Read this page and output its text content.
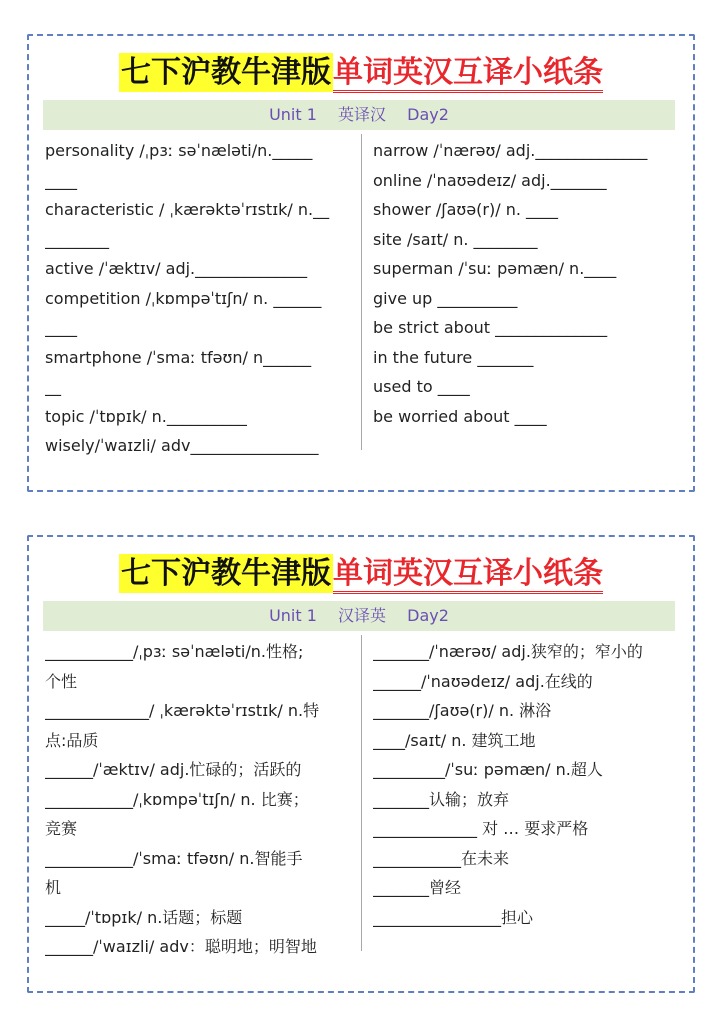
七下沪教牛津版单词英汉互译小纸条
Unit 1 英译汉 Day2
personality /ˌpɜː səˈnæləti/n._____
____
characteristic / ˌkærəktəˈrɪstɪk/ n.__
________
active /ˈæktɪv/ adj.______________
competition /ˌkɒmpəˈtɪʃn/ n. ______
____
smartphone /ˈsmaː tfəʊn/ n______
__
topic /ˈtɒpɪk/ n.__________
wisely/ˈwaɪzli/ adv________________
narrow /ˈnærəʊ/ adj.______________
online /ˈnaʊədeɪz/ adj._______
shower /ʃaʊə(r)/ n. ____
site /saɪt/ n. ________
superman /ˈsuː pəmæn/ n.____
give up __________
be strict about ______________
in the future _______
used to ____
be worried about ____
七下沪教牛津版单词英汉互译小纸条
Unit 1 汉译英 Day2
___________/ˌpɜː səˈnæləti/n.性格;
个性
_____________/ ˌkærəktəˈrɪstɪk/ n.特
点:品质
______/ˈæktɪv/ adj.忙碌的；活跃的
___________/ˌkɒmpəˈtɪʃn/ n. 比赛；
竞赛
___________/ˈsmaː tfəʊn/ n.智能手
机
_____/ˈtɒpɪk/ n.话题；标题
______/ˈwaɪzli/ adv：聪明地；明智地
_______/ˈnærəʊ/ adj.狭窄的；窄小的
______/ˈnaʊədeɪz/ adj.在线的
_______/ʃaʊə(r)/ n. 淋浴
____/saɪt/ n. 建筑工地
_________/ˈsuː pəmæn/ n.超人
_______认输；放弃
_____________ 对 … 要求严格
___________在未来
_______曾经
________________担心
